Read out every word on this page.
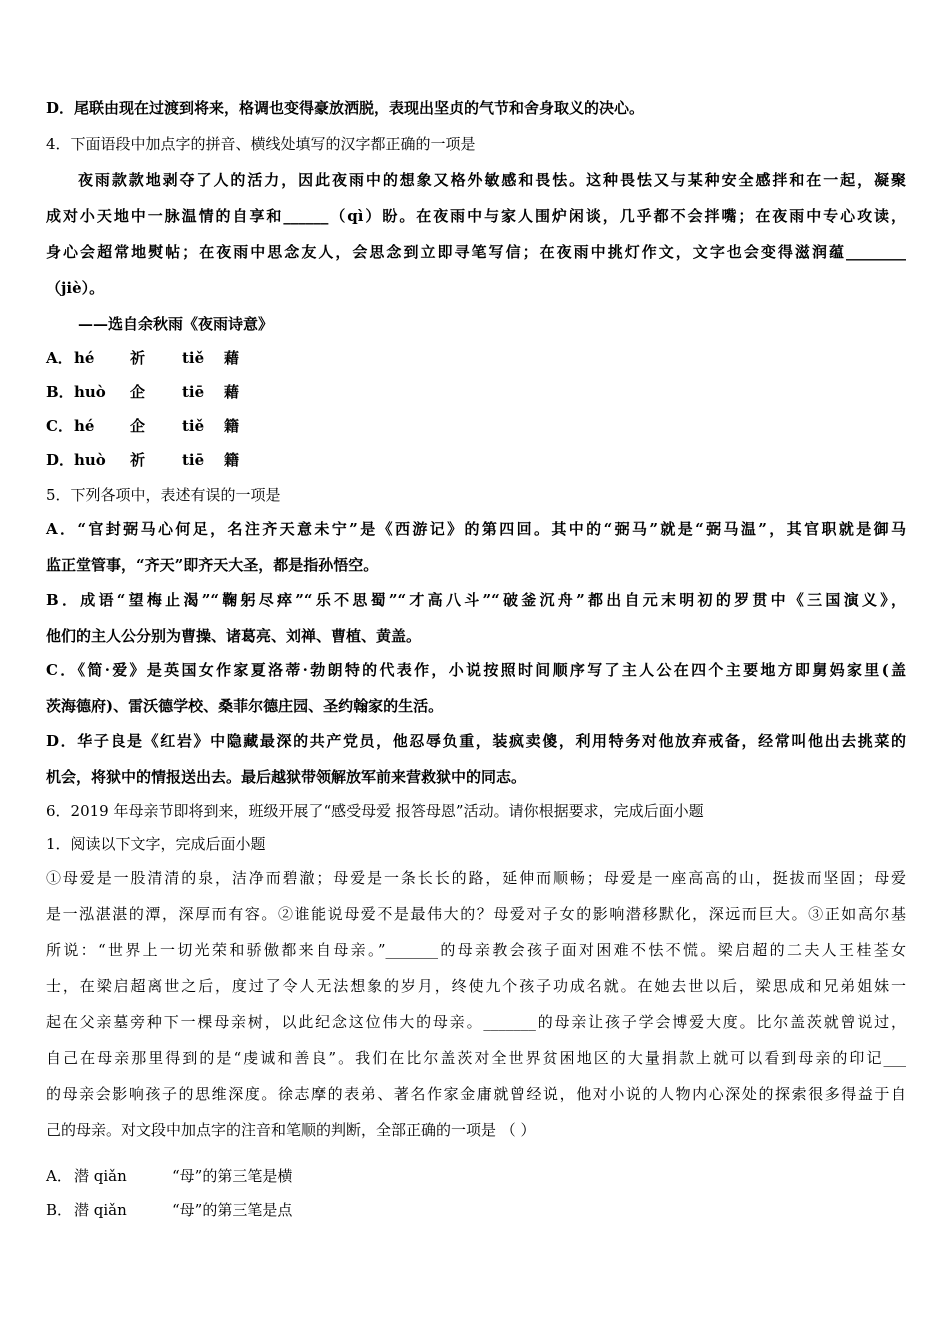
D．尾联由现在过渡到将来，格调也变得豪放洒脱，表现出坚贞的气节和舍身取义的决心。
4．下面语段中加点字的拼音、横线处填写的汉字都正确的一项是
夜雨款款地剥夺了人的活力，因此夜雨中的想象又格外敏感和畏怯。这种畏怯又与某种安全感拌和在一起，凝聚
成对小天地中一脉温情的自享和______（qì）盼。在夜雨中与家人围炉闲谈，几乎都不会拌嘴；在夜雨中专心攻读，
身心会超常地熨帖；在夜雨中思念友人，会思念到立即寻笔写信；在夜雨中挑灯作文，文字也会变得滋润蕴________
（jiè）。
——选自余秋雨《夜雨诗意》
A．hé 祈 tiě 藉
B．huò 企 tiē 藉
C．hé 企 tiě 籍
D．huò 祈 tiē 籍
5．下列各项中，表述有误的一项是
A．“官封弼马心何足，名注齐天意未宁”是《西游记》的第四回。其中的“弼马”就是“弼马温”，其官职就是御马
监正堂管事，“齐天”即齐天大圣，都是指孙悟空。
B．成语“望梅止渴”“鞠躬尽瘁”“乐不思蜀”“才高八斗”“破釜沉舟”都出自元末明初的罗贯中《三国演义》，
他们的主人公分别为曹操、诸葛亮、刘禅、曹植、黄盖。
C．《简·爱》是英国女作家夏洛蒂·勃朗特的代表作，小说按照时间顺序写了主人公在四个主要地方即舅妈家里(盖
茨海德府)、雷沃德学校、桑菲尔德庄园、圣约翰家的生活。
D．华子良是《红岩》中隐藏最深的共产党员，他忍辱负重，装疯卖傻，利用特务对他放弃戒备，经常叫他出去挑菜的
机会，将狱中的情报送出去。最后越狱带领解放军前来营救狱中的同志。
6．2019 年母亲节即将到来，班级开展了“感受母爱 报答母恩”活动。请你根据要求，完成后面小题
1．阅读以下文字，完成后面小题
①母爱是一股清清的泉，洁净而碧澈；母爱是一条长长的路，延伸而顺畅；母爱是一座高高的山，挺拔而坚固；母爱
是一泓湛湛的潭，深厚而有容。②谁能说母爱不是最伟大的？母爱对子女的影响潜移默化，深远而巨大。③正如高尔基
所说：“世界上一切光荣和骄傲都来自母亲。”_______的母亲教会孩子面对困难不怯不慌。梁启超的二夫人王桂荃女
士，在梁启超离世之后，度过了令人无法想象的岁月，终使九个孩子功成名就。在她去世以后，梁思成和兄弟姐妹一
起在父亲墓旁种下一棵母亲树，以此纪念这位伟大的母亲。_______的母亲让孩子学会博爱大度。比尔盖茨就曾说过，
自己在母亲那里得到的是“虔诚和善良”。我们在比尔盖茨对全世界贫困地区的大量捐款上就可以看到母亲的印记___
的母亲会影响孩子的思维深度。徐志摩的表弟、著名作家金庸就曾经说，他对小说的人物内心深处的探索很多得益于自
己的母亲。对文段中加点字的注音和笔顺的判断，全部正确的一项是 （ ）
A． 潜 qiǎn	“母”的第三笔是横
B． 潜 qiǎn	“母”的第三笔是点
